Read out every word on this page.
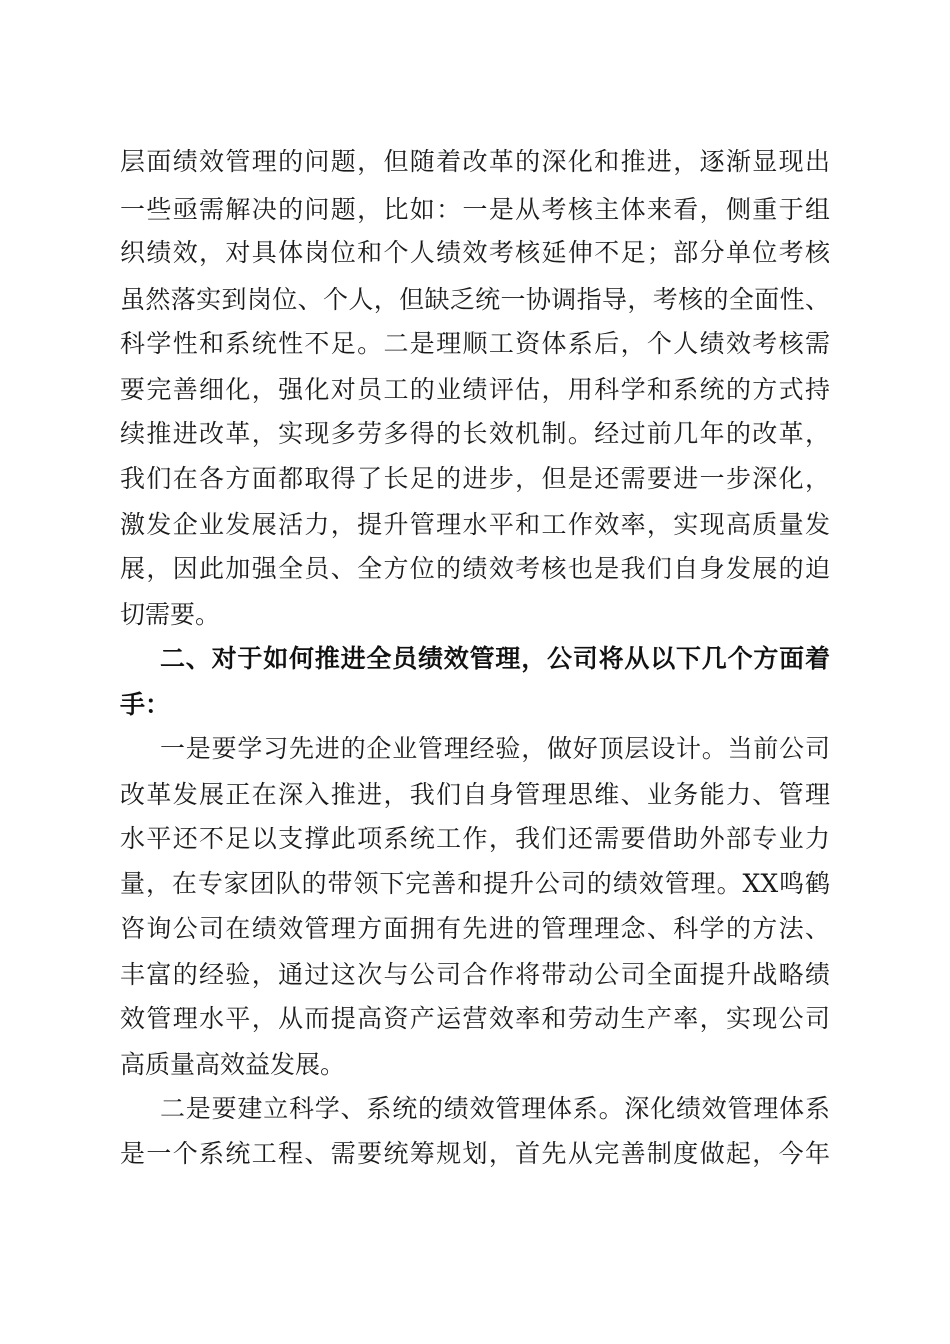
层面绩效管理的问题，但随着改革的深化和推进，逐渐显现出
一些亟需解决的问题，比如：一是从考核主体来看，侧重于组
织绩效，对具体岗位和个人绩效考核延伸不足；部分单位考核
虽然落实到岗位、个人，但缺乏统一协调指导，考核的全面性、
科学性和系统性不足。二是理顺工资体系后，个人绩效考核需
要完善细化，强化对员工的业绩评估，用科学和系统的方式持
续推进改革，实现多劳多得的长效机制。经过前几年的改革，
我们在各方面都取得了长足的进步，但是还需要进一步深化，
激发企业发展活力，提升管理水平和工作效率，实现高质量发
展，因此加强全员、全方位的绩效考核也是我们自身发展的迫
切需要。
二、对于如何推进全员绩效管理，公司将从以下几个方面着
手：
一是要学习先进的企业管理经验，做好顶层设计。当前公司
改革发展正在深入推进，我们自身管理思维、业务能力、管理
水平还不足以支撑此项系统工作，我们还需要借助外部专业力
量，在专家团队的带领下完善和提升公司的绩效管理。XX鸣鹤
咨询公司在绩效管理方面拥有先进的管理理念、科学的方法、
丰富的经验，通过这次与公司合作将带动公司全面提升战略绩
效管理水平，从而提高资产运营效率和劳动生产率，实现公司
高质量高效益发展。
二是要建立科学、系统的绩效管理体系。深化绩效管理体系
是一个系统工程、需要统筹规划，首先从完善制度做起，今年
